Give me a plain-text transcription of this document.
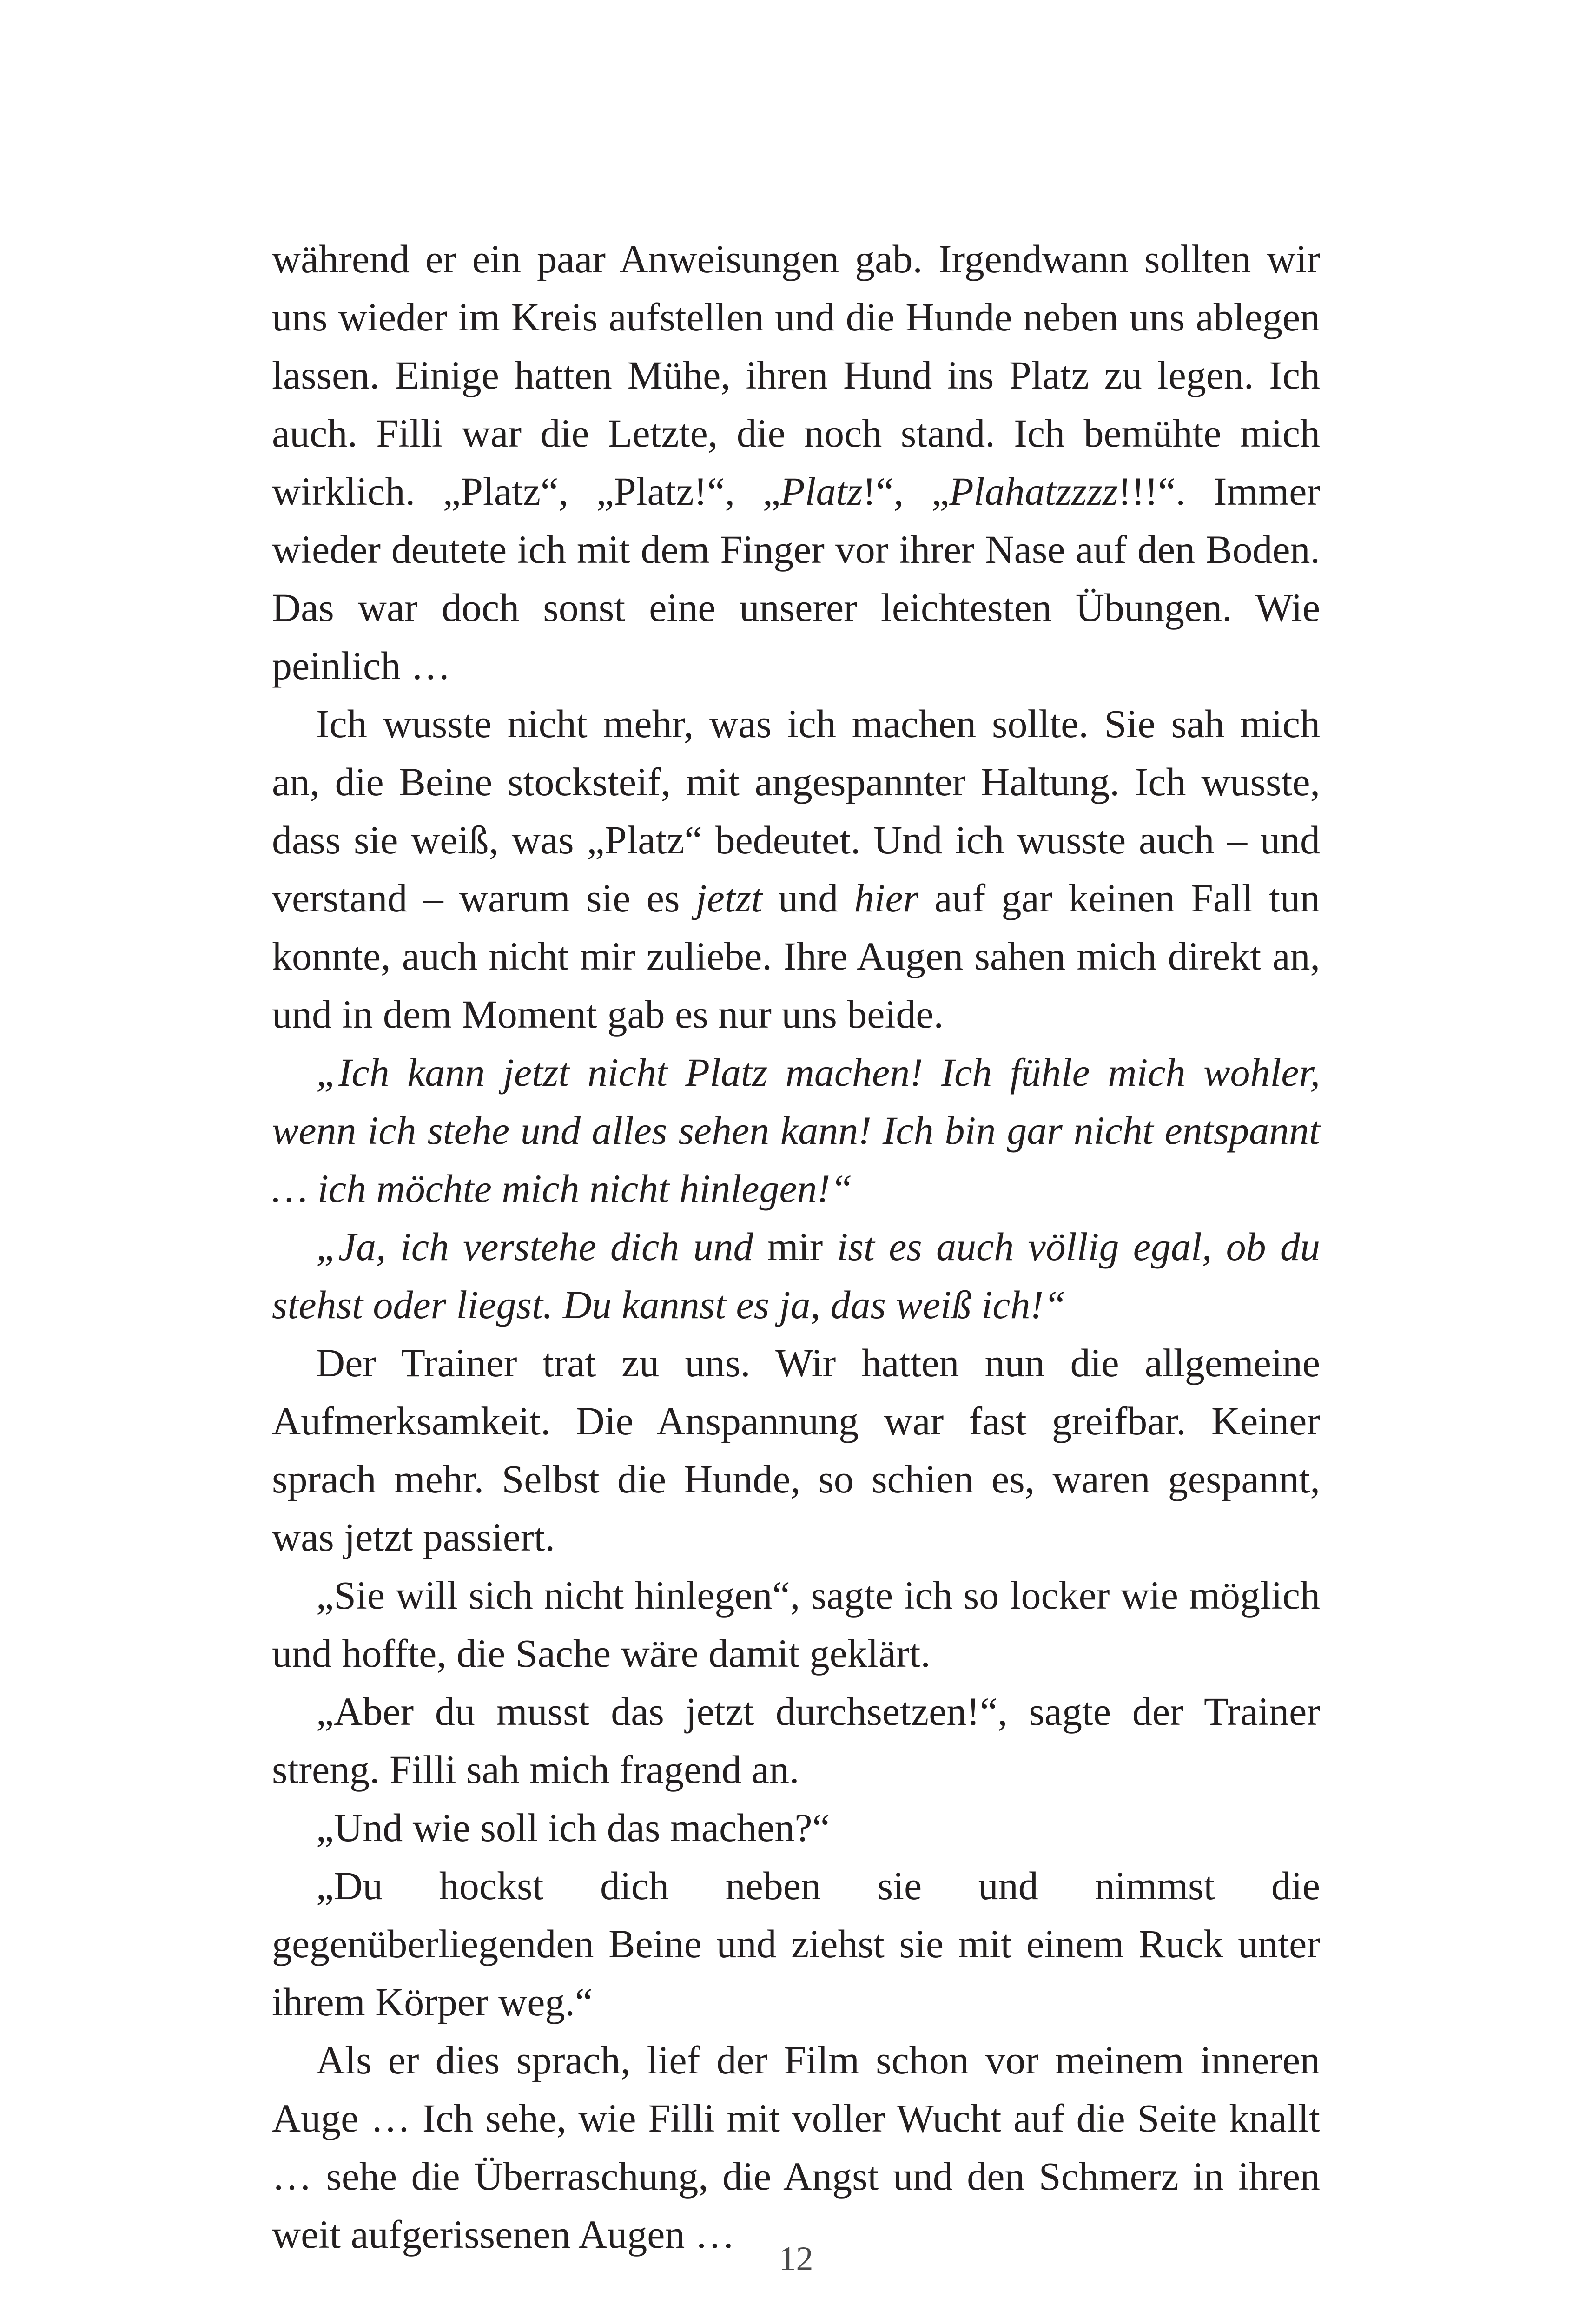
während er ein paar Anweisungen gab. Irgendwann sollten wir uns wieder im Kreis aufstellen und die Hunde neben uns ablegen lassen. Einige hatten Mühe, ihren Hund ins Platz zu legen. Ich auch. Filli war die Letzte, die noch stand. Ich bemühte mich wirklich. „Platz“, „Platz!“, „Platz!“, „Plahatzzzz!!!“. Immer wieder deutete ich mit dem Finger vor ihrer Nase auf den Boden. Das war doch sonst eine unserer leichtesten Übungen. Wie peinlich …

Ich wusste nicht mehr, was ich machen sollte. Sie sah mich an, die Beine stocksteif, mit angespannter Haltung. Ich wusste, dass sie weiß, was „Platz“ bedeutet. Und ich wusste auch – und verstand – warum sie es jetzt und hier auf gar keinen Fall tun konnte, auch nicht mir zuliebe. Ihre Augen sahen mich direkt an, und in dem Moment gab es nur uns beide.

„Ich kann jetzt nicht Platz machen! Ich fühle mich wohler, wenn ich stehe und alles sehen kann! Ich bin gar nicht entspannt … ich möchte mich nicht hinlegen!“

„Ja, ich verstehe dich und mir ist es auch völlig egal, ob du stehst oder liegst. Du kannst es ja, das weiß ich!“

Der Trainer trat zu uns. Wir hatten nun die allgemeine Aufmerksamkeit. Die Anspannung war fast greifbar. Keiner sprach mehr. Selbst die Hunde, so schien es, waren gespannt, was jetzt passiert.

„Sie will sich nicht hinlegen“, sagte ich so locker wie möglich und hoffte, die Sache wäre damit geklärt.

„Aber du musst das jetzt durchsetzen!“, sagte der Trainer streng. Filli sah mich fragend an.

„Und wie soll ich das machen?“

„Du hockst dich neben sie und nimmst die gegenüberliegenden Beine und ziehst sie mit einem Ruck unter ihrem Körper weg.“

Als er dies sprach, lief der Film schon vor meinem inneren Auge … Ich sehe, wie Filli mit voller Wucht auf die Seite knallt … sehe die Überraschung, die Angst und den Schmerz in ihren weit aufgerissenen Augen …

12
